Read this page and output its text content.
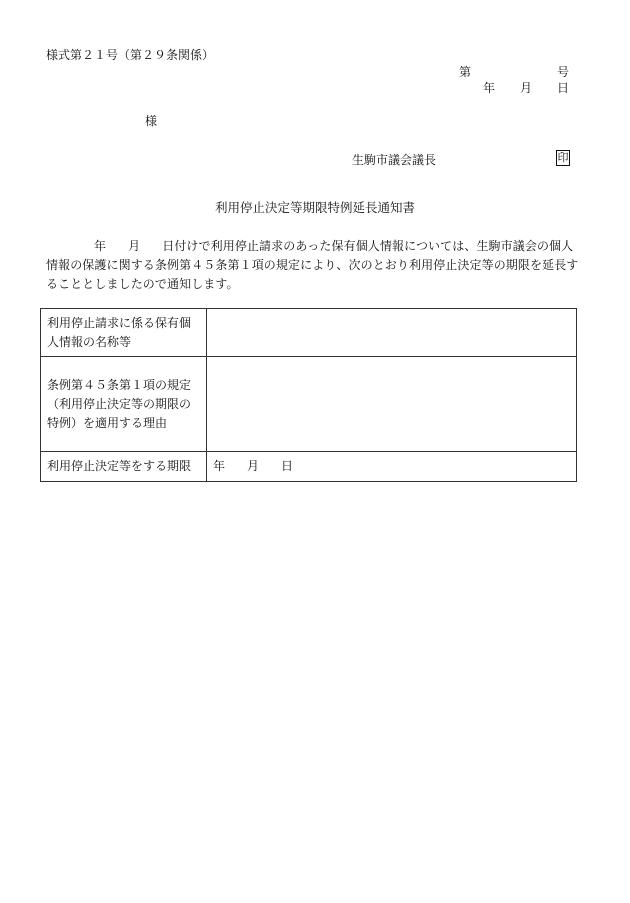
様式第２１号（第２９条関係）
第	号
年 月 日
様
生駒市議会議長	印
利用停止決定等期限特例延長通知書
年 月 日付けで利用停止請求のあった保有個人情報については、生駒市議会の個人情報の保護に関する条例第４５条第１項の規定により、次のとおり利用停止決定等の期限を延長することとしましたので通知します。
利用停止請求に係る保有個人情報の名称等	
条例第４５条第１項の規定（利用停止決定等の期限の特例）を適用する理由	
利用停止決定等をする期限	年 月 日
